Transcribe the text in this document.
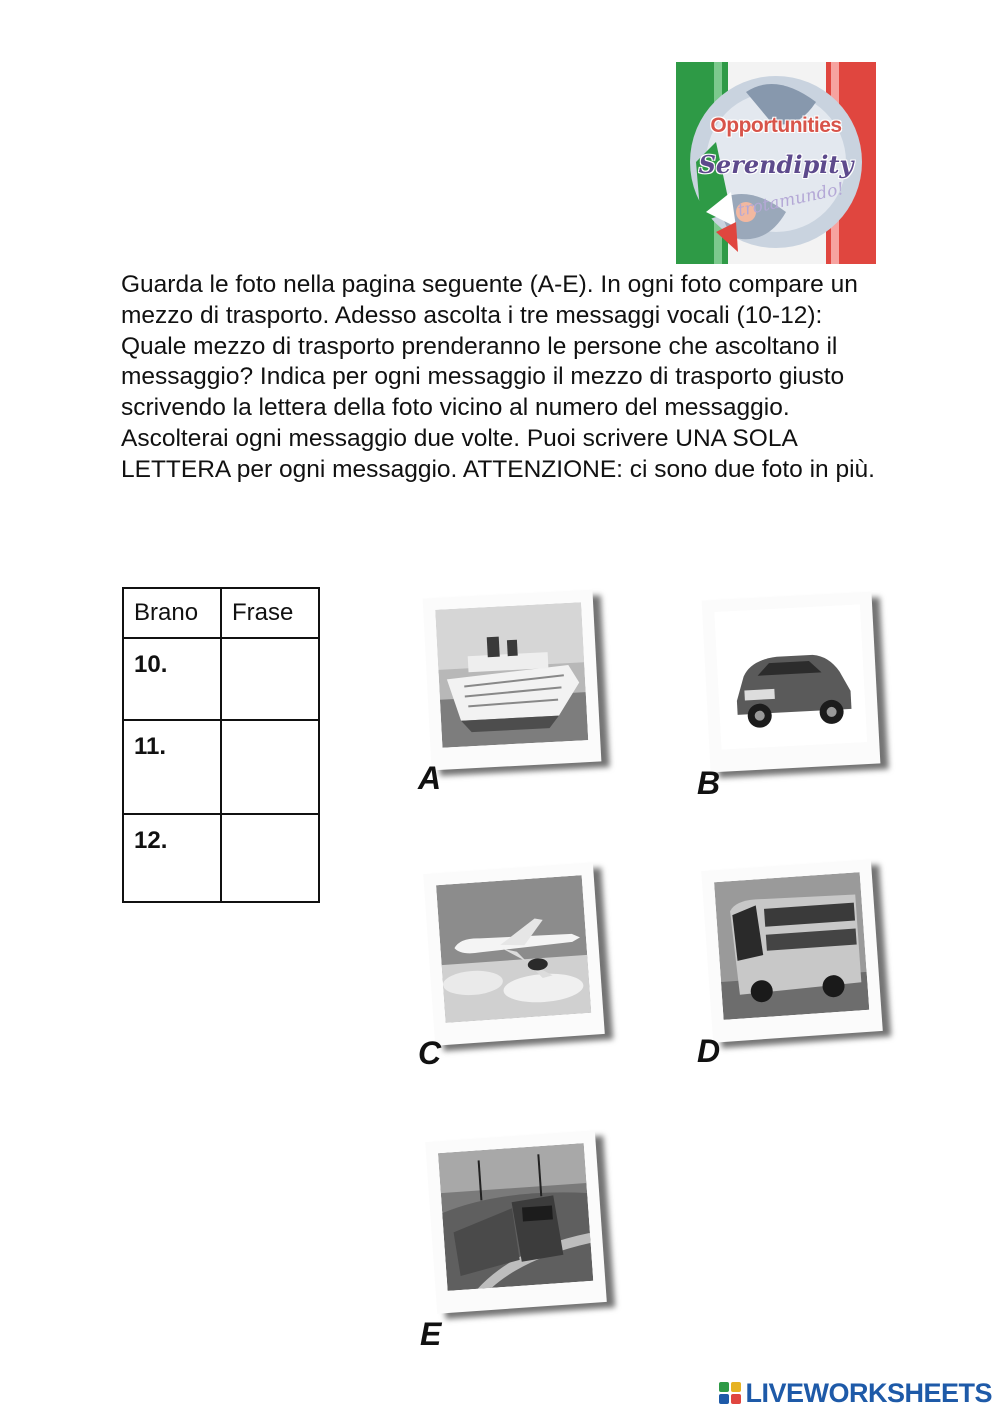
Opportunities
Serendipity
trotamundo!

Guarda le foto nella pagina seguente (A-E). In ogni foto compare un mezzo di trasporto. Adesso ascolta i tre messaggi vocali (10-12): Quale mezzo di trasporto prenderanno le persone che ascoltano il messaggio? Indica per ogni messaggio il mezzo di trasporto giusto scrivendo la lettera della foto vicino al numero del messaggio. Ascolterai ogni messaggio due volte. Puoi scrivere UNA SOLA LETTERA per ogni messaggio. ATTENZIONE: ci sono due foto in più.

Brano	Frase
10.	
11.	
12.	
A	B
C	D
E
LIVEWORKSHEETS
